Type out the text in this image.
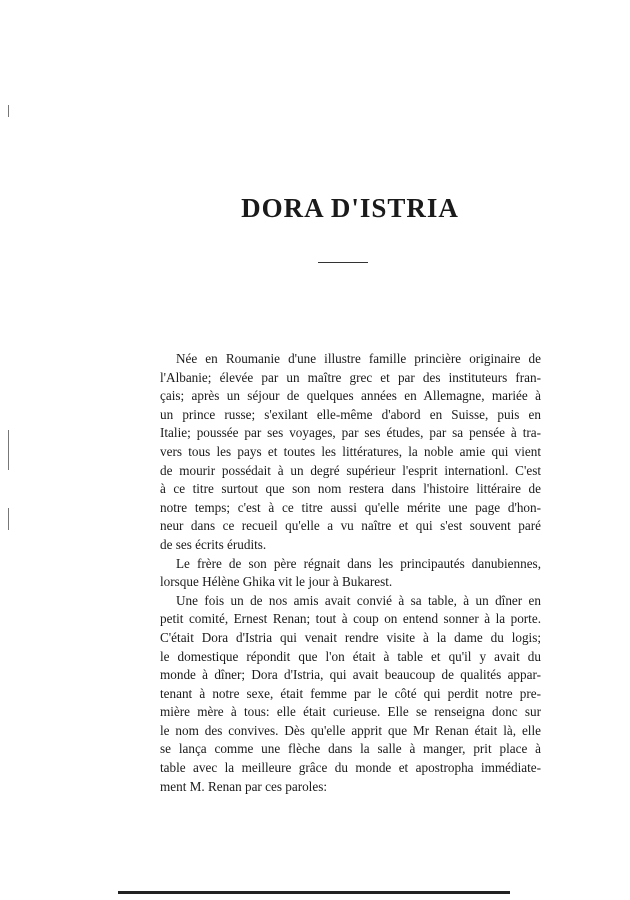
DORA D'ISTRIA
Née en Roumanie d'une illustre famille princière originaire de
l'Albanie; élevée par un maître grec et par des instituteurs fran-
çais; après un séjour de quelques années en Allemagne, mariée à
un prince russe; s'exilant elle-même d'abord en Suisse, puis en
Italie; poussée par ses voyages, par ses études, par sa pensée à tra-
vers tous les pays et toutes les littératures, la noble amie qui vient
de mourir possédait à un degré supérieur l'esprit internationl. C'est
à ce titre surtout que son nom restera dans l'histoire littéraire de
notre temps; c'est à ce titre aussi qu'elle mérite une page d'hon-
neur dans ce recueil qu'elle a vu naître et qui s'est souvent paré
de ses écrits érudits.
Le frère de son père régnait dans les principautés danubiennes,
lorsque Hélène Ghika vit le jour à Bukarest.
Une fois un de nos amis avait convié à sa table, à un dîner en
petit comité, Ernest Renan; tout à coup on entend sonner à la porte.
C'était Dora d'Istria qui venait rendre visite à la dame du logis;
le domestique répondit que l'on était à table et qu'il y avait du
monde à dîner; Dora d'Istria, qui avait beaucoup de qualités appar-
tenant à notre sexe, était femme par le côté qui perdit notre pre-
mière mère à tous: elle était curieuse. Elle se renseigna donc sur
le nom des convives. Dès qu'elle apprit que Mr Renan était là, elle
se lança comme une flèche dans la salle à manger, prit place à
table avec la meilleure grâce du monde et apostropha immédiate-
ment M. Renan par ces paroles:
